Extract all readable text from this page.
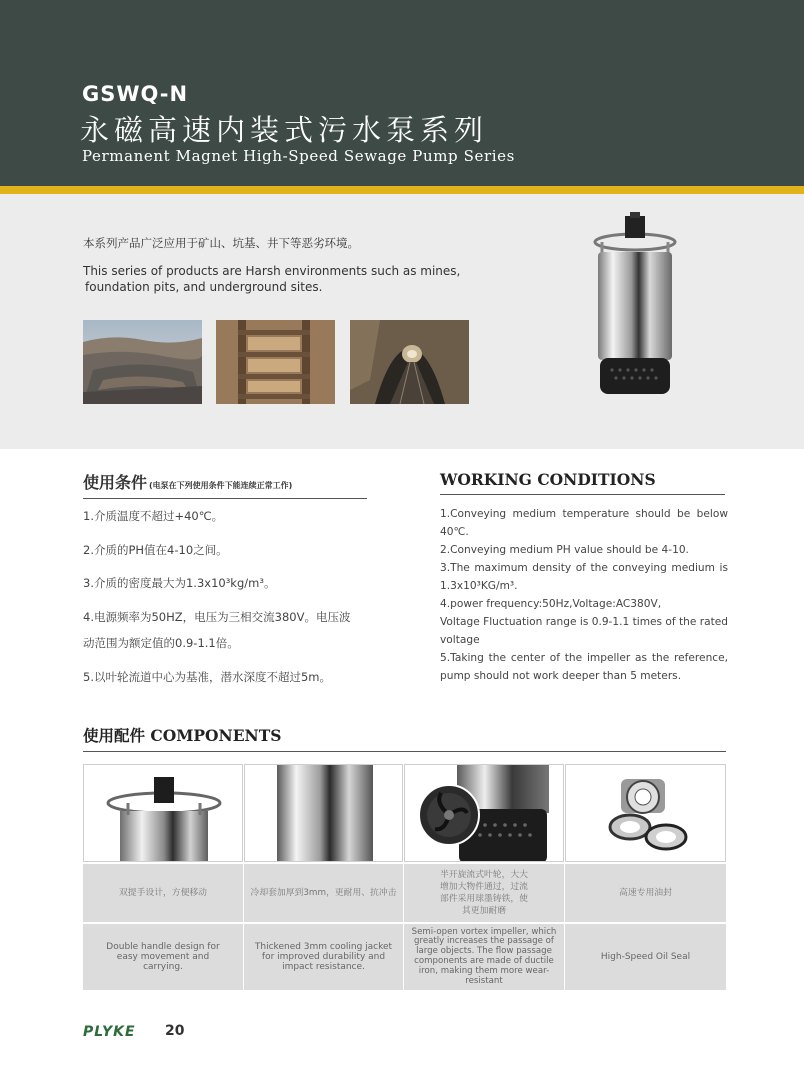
GSWQ-N
永磁高速内装式污水泵系列
Permanent Magnet High-Speed Sewage Pump Series
本系列产品广泛应用于矿山、坑基、井下等恶劣环境。
This series of products are Harsh environments such as mines,
foundation pits, and underground sites.
使用条件 (电泵在下列使用条件下能连续正常工作)
1.介质温度不超过+40℃。
2.介质的PH值在4-10之间。
3.介质的密度最大为1.3x10³kg/m³。
4.电源频率为50HZ，电压为三相交流380V。电压波
动范围为额定值的0.9-1.1倍。
5.以叶轮流道中心为基准，潜水深度不超过5m。
WORKING CONDITIONS
1.Conveying medium temperature should be below 40℃.
2.Conveying medium PH value should be 4-10.
3.The maximum density of the conveying medium is 1.3x10³KG/m³.
4.power frequency:50Hz,Voltage:AC380V,
Voltage Fluctuation range is 0.9-1.1 times of the rated voltage
5.Taking the center of the impeller as the reference, pump should not work deeper than 5 meters.
使用配件 COMPONENTS
双提手设计，方便移动	冷却套加厚到3mm，更耐用、抗冲击
半开旋流式叶轮，大大增加大物件通过，过流部件采用球墨铸铁，使其更加耐磨
高速专用油封
Double handle design for easy movement and carrying.
Thickened 3mm cooling jacket for improved durability and impact resistance.
Semi-open vortex impeller, which greatly increases the passage of large objects. The flow passage components are made of ductile iron, making them more wear-resistant
High-Speed Oil Seal
PLYKE 20
